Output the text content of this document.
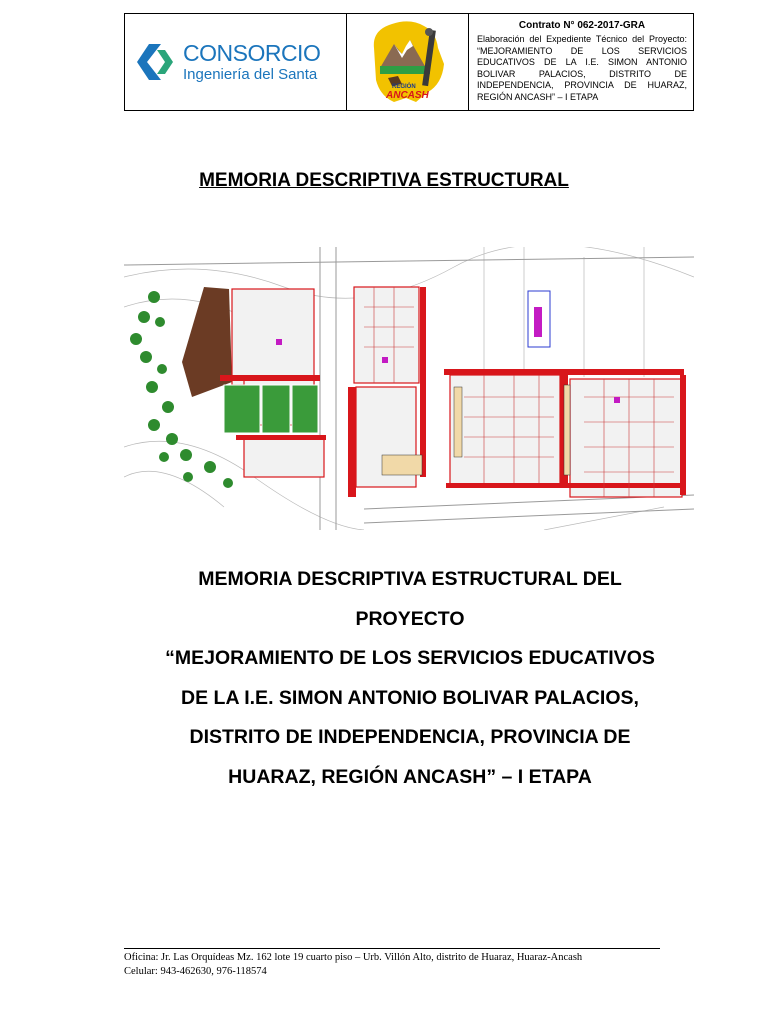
CONSORCIO
Ingeniería del Santa
REGIÓN
ANCASH
Contrato N° 062-2017-GRA
Elaboración del Expediente Técnico del Proyecto: “MEJORAMIENTO DE LOS SERVICIOS EDUCATIVOS DE LA I.E. SIMON ANTONIO BOLIVAR PALACIOS, DISTRITO DE INDEPENDENCIA, PROVINCIA DE HUARAZ, REGIÓN ANCASH” – I ETAPA
MEMORIA DESCRIPTIVA ESTRUCTURAL
MEMORIA DESCRIPTIVA ESTRUCTURAL DEL
PROYECTO
“MEJORAMIENTO DE LOS SERVICIOS EDUCATIVOS
DE LA I.E. SIMON ANTONIO BOLIVAR PALACIOS,
DISTRITO DE INDEPENDENCIA, PROVINCIA DE
HUARAZ, REGIÓN ANCASH” – I ETAPA
Oficina: Jr. Las Orquídeas Mz. 162 lote 19 cuarto piso – Urb. Villón Alto, distrito de Huaraz, Huaraz-Ancash
Celular: 943-462630, 976-118574
